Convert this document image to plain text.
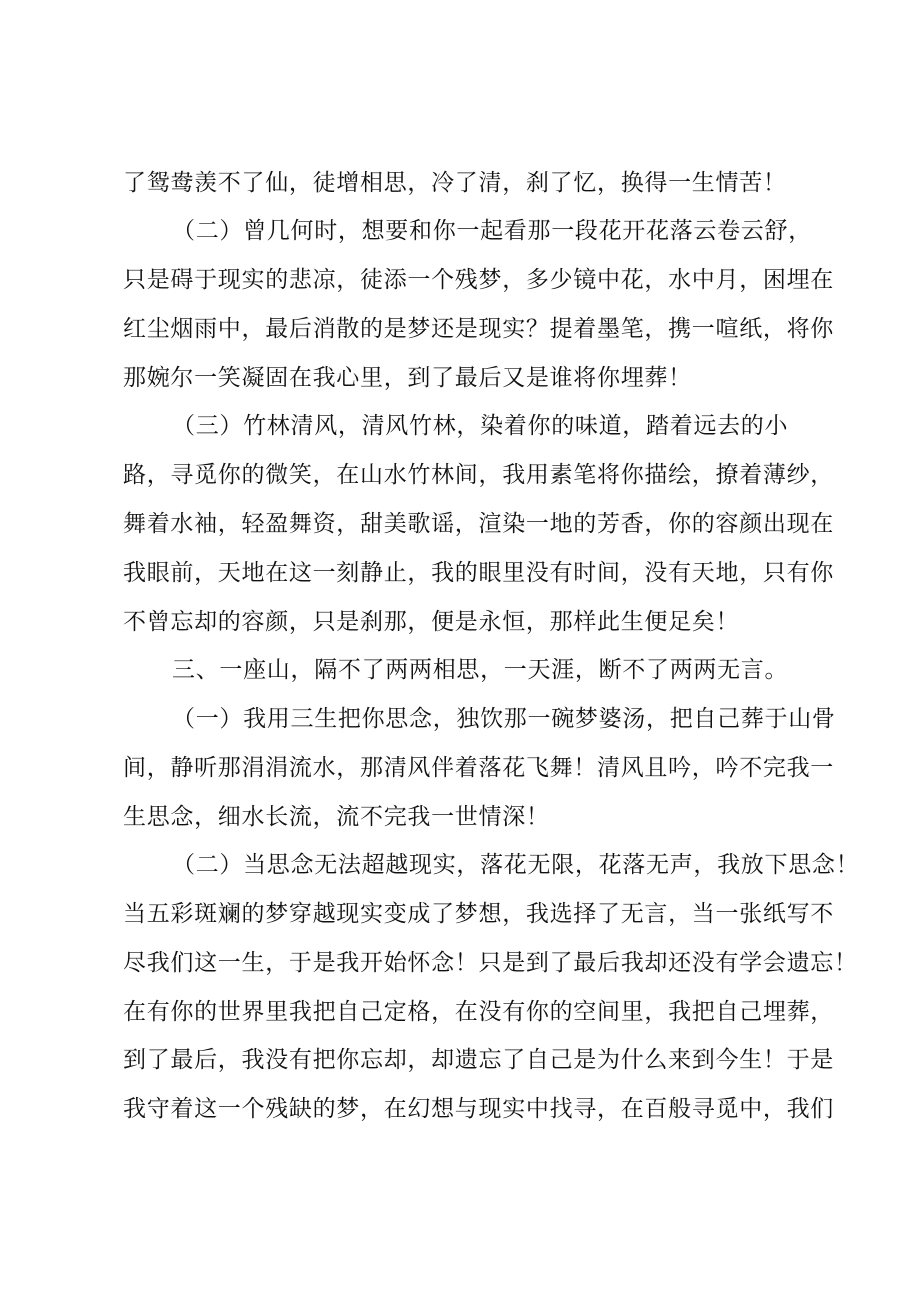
了鸳鸯羡不了仙，徒增相思，冷了清，刹了忆，换得一生情苦！
（二）曾几何时，想要和你一起看那一段花开花落云卷云舒，
只是碍于现实的悲凉，徒添一个残梦，多少镜中花，水中月，困埋在
红尘烟雨中，最后消散的是梦还是现实？提着墨笔，携一喧纸，将你
那婉尔一笑凝固在我心里，到了最后又是谁将你埋葬！
（三）竹林清风，清风竹林，染着你的味道，踏着远去的小
路，寻觅你的微笑，在山水竹林间，我用素笔将你描绘，撩着薄纱，
舞着水袖，轻盈舞资，甜美歌谣，渲染一地的芳香，你的容颜出现在
我眼前，天地在这一刻静止，我的眼里没有时间，没有天地，只有你
不曾忘却的容颜，只是刹那，便是永恒，那样此生便足矣！
三、一座山，隔不了两两相思，一天涯，断不了两两无言。
（一）我用三生把你思念，独饮那一碗梦婆汤，把自己葬于山骨
间，静听那涓涓流水，那清风伴着落花飞舞！清风且吟，吟不完我一
生思念，细水长流，流不完我一世情深！
（二）当思念无法超越现实，落花无限，花落无声，我放下思念！
当五彩斑斓的梦穿越现实变成了梦想，我选择了无言，当一张纸写不
尽我们这一生，于是我开始怀念！只是到了最后我却还没有学会遗忘！
在有你的世界里我把自己定格，在没有你的空间里，我把自己埋葬，
到了最后，我没有把你忘却，却遗忘了自己是为什么来到今生！于是
我守着这一个残缺的梦，在幻想与现实中找寻，在百般寻觅中，我们
